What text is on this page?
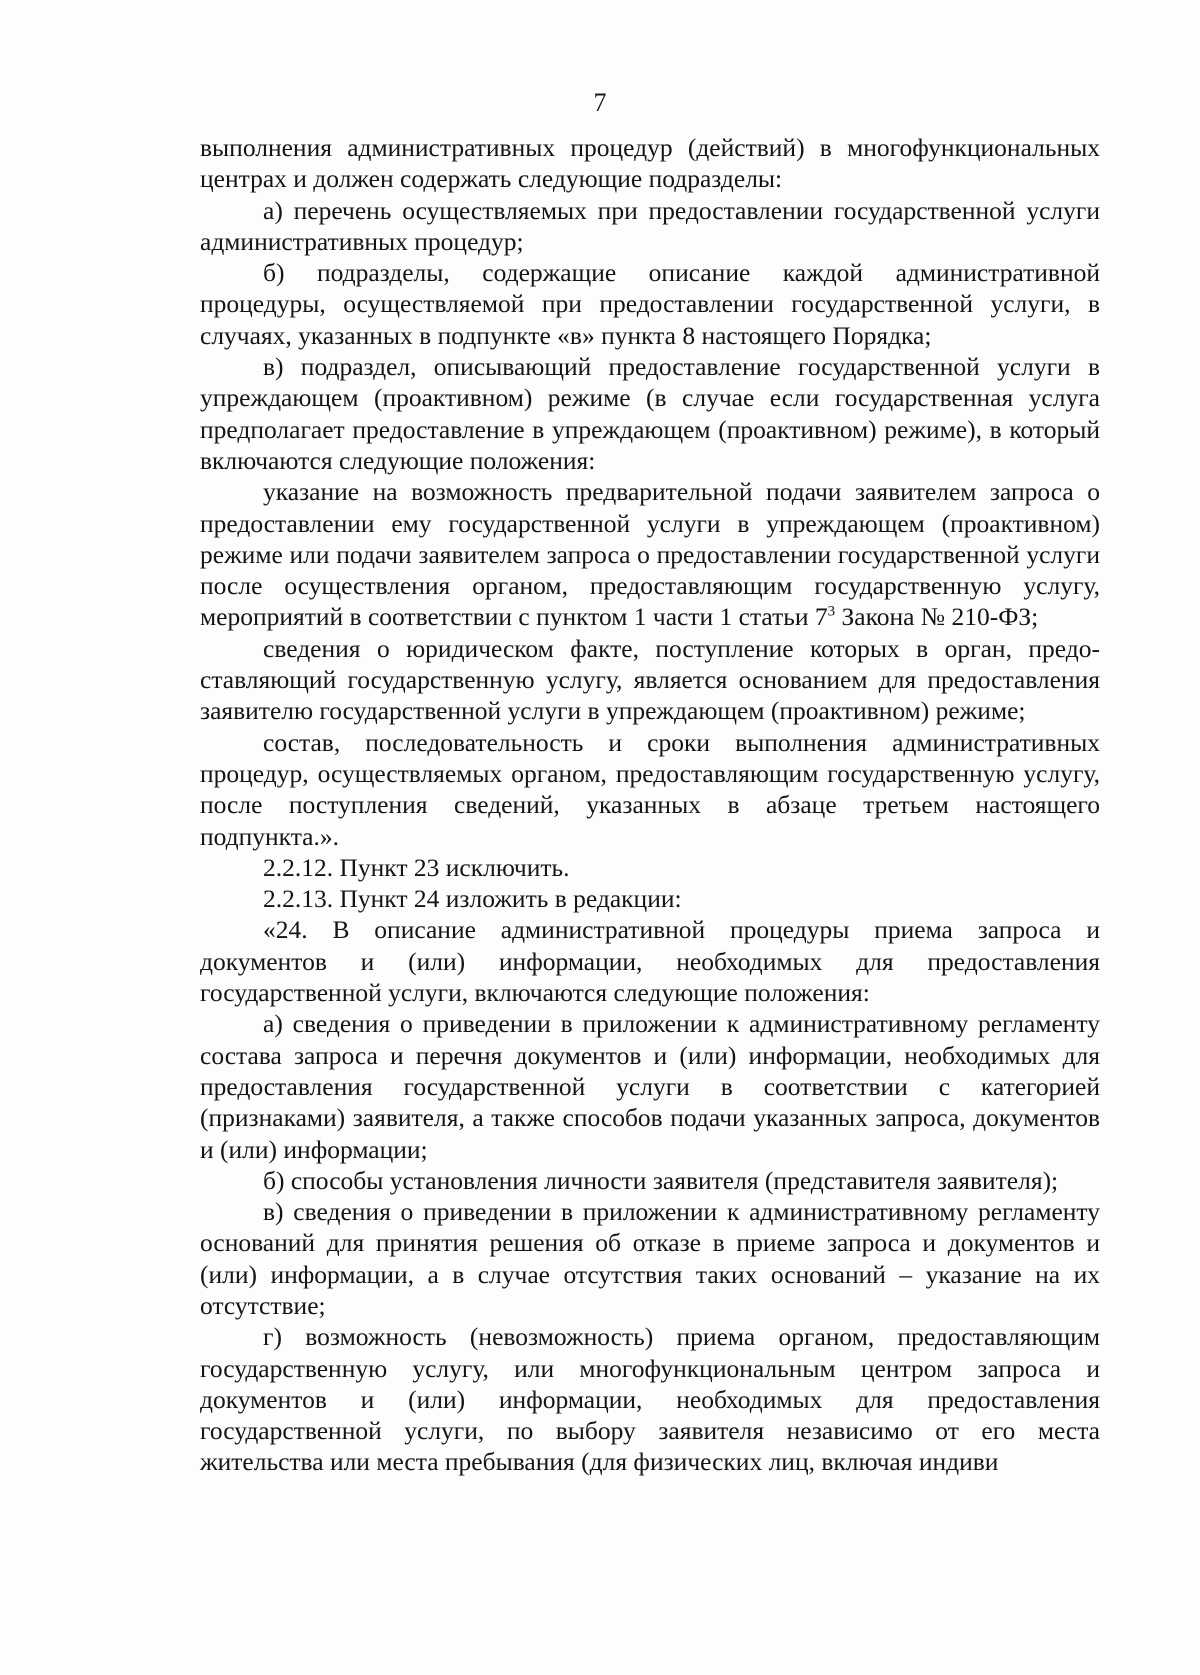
7

выполнения административных процедур (действий) в многофункциональных центрах и должен содержать следующие подразделы:

а) перечень осуществляемых при предоставлении государственной услуги административных процедур;

б) подразделы, содержащие описание каждой административной процедуры, осуществляемой при предоставлении государственной услуги, в случаях, указанных в подпункте «в» пункта 8 настоящего Порядка;

в) подраздел, описывающий предоставление государственной услуги в упреждающем (проактивном) режиме (в случае если государственная услуга предполагает предоставление в упреждающем (проактивном) режиме), в который включаются следующие положения:

указание на возможность предварительной подачи заявителем запроса о предоставлении ему государственной услуги в упреждающем (проактивном) режиме или подачи заявителем запроса о предоставлении государственной услуги после осуществления органом, предоставляющим государственную услугу, мероприятий в соответствии с пунктом 1 части 1 статьи $7^3$ Закона № 210-ФЗ;

сведения о юридическом факте, поступление которых в орган, предоставляющий государственную услугу, является основанием для предоставления заявителю государственной услуги в упреждающем (проактивном) режиме;

состав, последовательность и сроки выполнения административных процедур, осуществляемых органом, предоставляющим государственную услугу, после поступления сведений, указанных в абзаце третьем настоящего подпункта.».

2.2.12. Пункт 23 исключить.

2.2.13. Пункт 24 изложить в редакции:

«24. В описание административной процедуры приема запроса и документов и (или) информации, необходимых для предоставления государственной услуги, включаются следующие положения:

а) сведения о приведении в приложении к административному регламенту состава запроса и перечня документов и (или) информации, необходимых для предоставления государственной услуги в соответствии с категорией (признаками) заявителя, а также способов подачи указанных запроса, документов и (или) информации;

б) способы установления личности заявителя (представителя заявителя);

в) сведения о приведении в приложении к административному регламенту оснований для принятия решения об отказе в приеме запроса и документов и (или) информации, а в случае отсутствия таких оснований – указание на их отсутствие;

г) возможность (невозможность) приема органом, предоставляющим государственную услугу, или многофункциональным центром запроса и документов и (или) информации, необходимых для предоставления государственной услуги, по выбору заявителя независимо от его места жительства или места пребывания (для физических лиц, включая индиви
